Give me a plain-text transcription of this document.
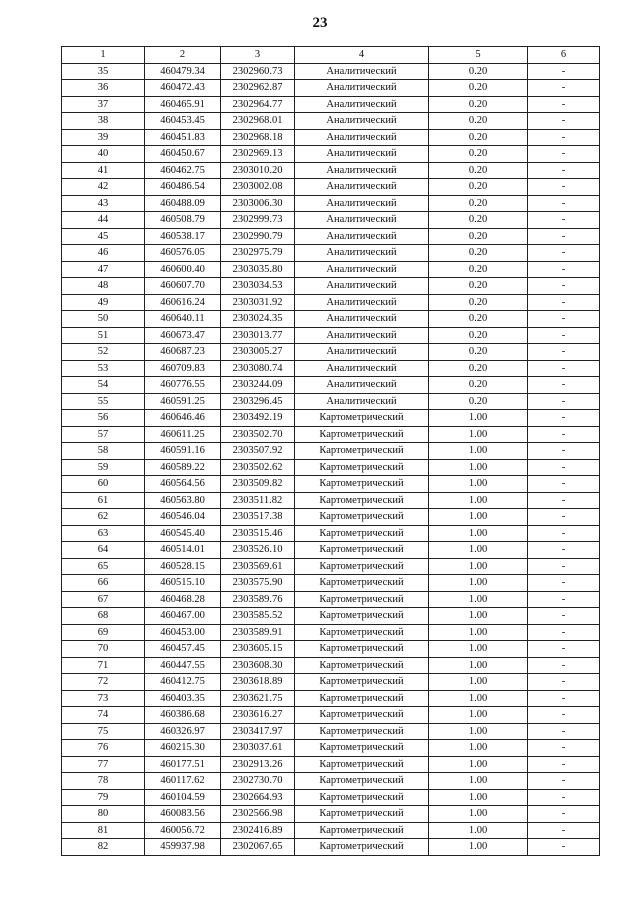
23
1	2	3	4	5	6
35	460479.34	2302960.73	Аналитический	0.20	-
36	460472.43	2302962.87	Аналитический	0.20	-
37	460465.91	2302964.77	Аналитический	0.20	-
38	460453.45	2302968.01	Аналитический	0.20	-
39	460451.83	2302968.18	Аналитический	0.20	-
40	460450.67	2302969.13	Аналитический	0.20	-
41	460462.75	2303010.20	Аналитический	0.20	-
42	460486.54	2303002.08	Аналитический	0.20	-
43	460488.09	2303006.30	Аналитический	0.20	-
44	460508.79	2302999.73	Аналитический	0.20	-
45	460538.17	2302990.79	Аналитический	0.20	-
46	460576.05	2302975.79	Аналитический	0.20	-
47	460600.40	2303035.80	Аналитический	0.20	-
48	460607.70	2303034.53	Аналитический	0.20	-
49	460616.24	2303031.92	Аналитический	0.20	-
50	460640.11	2303024.35	Аналитический	0.20	-
51	460673.47	2303013.77	Аналитический	0.20	-
52	460687.23	2303005.27	Аналитический	0.20	-
53	460709.83	2303080.74	Аналитический	0.20	-
54	460776.55	2303244.09	Аналитический	0.20	-
55	460591.25	2303296.45	Аналитический	0.20	-
56	460646.46	2303492.19	Картометрический	1.00	-
57	460611.25	2303502.70	Картометрический	1.00	-
58	460591.16	2303507.92	Картометрический	1.00	-
59	460589.22	2303502.62	Картометрический	1.00	-
60	460564.56	2303509.82	Картометрический	1.00	-
61	460563.80	2303511.82	Картометрический	1.00	-
62	460546.04	2303517.38	Картометрический	1.00	-
63	460545.40	2303515.46	Картометрический	1.00	-
64	460514.01	2303526.10	Картометрический	1.00	-
65	460528.15	2303569.61	Картометрический	1.00	-
66	460515.10	2303575.90	Картометрический	1.00	-
67	460468.28	2303589.76	Картометрический	1.00	-
68	460467.00	2303585.52	Картометрический	1.00	-
69	460453.00	2303589.91	Картометрический	1.00	-
70	460457.45	2303605.15	Картометрический	1.00	-
71	460447.55	2303608.30	Картометрический	1.00	-
72	460412.75	2303618.89	Картометрический	1.00	-
73	460403.35	2303621.75	Картометрический	1.00	-
74	460386.68	2303616.27	Картометрический	1.00	-
75	460326.97	2303417.97	Картометрический	1.00	-
76	460215.30	2303037.61	Картометрический	1.00	-
77	460177.51	2302913.26	Картометрический	1.00	-
78	460117.62	2302730.70	Картометрический	1.00	-
79	460104.59	2302664.93	Картометрический	1.00	-
80	460083.56	2302566.98	Картометрический	1.00	-
81	460056.72	2302416.89	Картометрический	1.00	-
82	459937.98	2302067.65	Картометрический	1.00	-
